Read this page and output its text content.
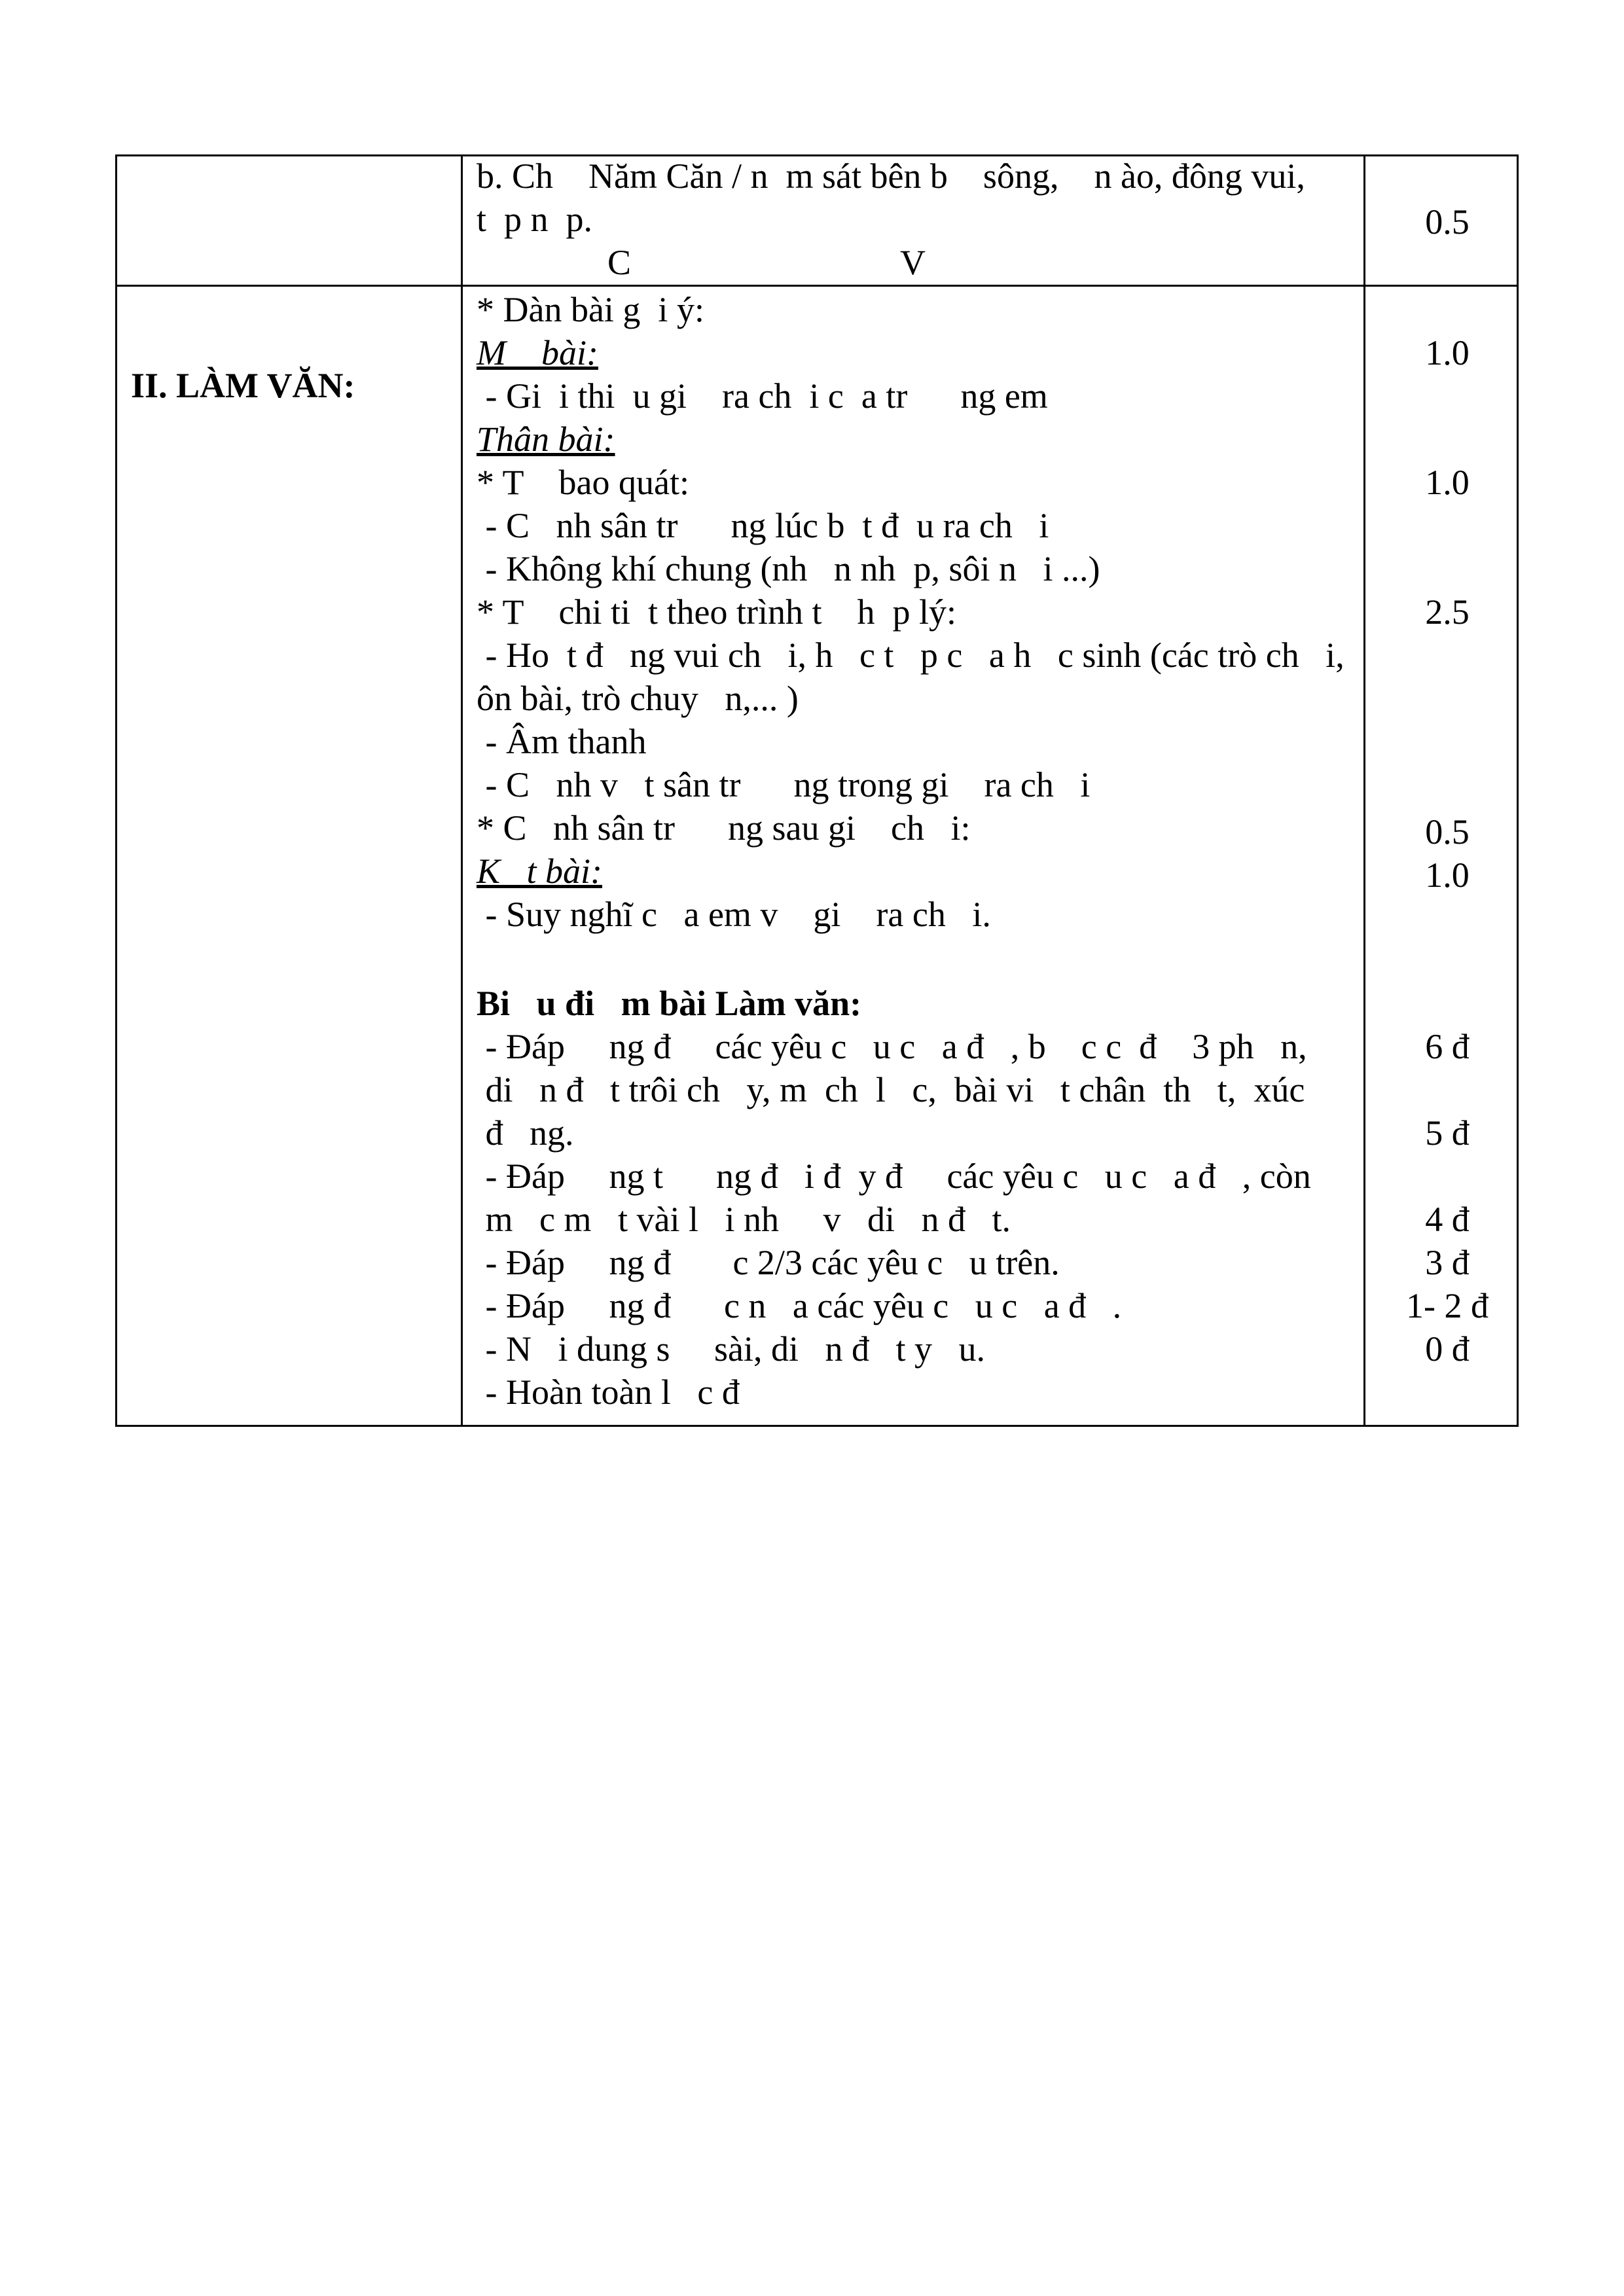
b. Ch    Năm Căn / n  m sát bên b    sông,    n ào, đông vui,
t  p n  p.
C	V
0.5
II. LÀM VĂN:
* Dàn bài g  i ý:
M    bài:
- Gi  i thi  u gi    ra ch  i c  a tr      ng em
Thân bài:
* T    bao quát:
- C   nh sân tr      ng lúc b  t đ  u ra ch   i
- Không khí chung (nh   n nh  p, sôi n   i ...)
* T    chi ti  t theo trình t    h  p lý:
- Ho  t đ   ng vui ch   i, h   c t   p c   a h   c sinh (các trò ch   i,
ôn bài, trò chuy   n,... )
- Âm thanh
- C   nh v   t sân tr      ng trong gi    ra ch   i
* C   nh sân tr      ng sau gi    ch   i:
K   t bài:
- Suy nghĩ c   a em v    gi    ra ch   i.
1.0
1.0
2.5
0.5
1.0
Bi   u đi   m bài Làm văn:
- Đáp     ng đ     các yêu c   u c   a đ   , b    c c  đ    3 ph   n,
di   n đ   t trôi ch   y, m  ch  l   c,  bài vi   t chân  th   t,  xúc
đ   ng.
- Đáp     ng t      ng đ   i đ  y đ     các yêu c   u c   a đ   , còn
m   c m   t vài l   i nh     v   di   n đ   t.
- Đáp     ng đ       c 2/3 các yêu c   u trên.
- Đáp     ng đ      c n   a các yêu c   u c   a đ   .
- N   i dung s     sài, di   n đ   t y   u.
- Hoàn toàn l   c đ
6 đ
5 đ
4 đ
3 đ
1- 2 đ
0 đ
